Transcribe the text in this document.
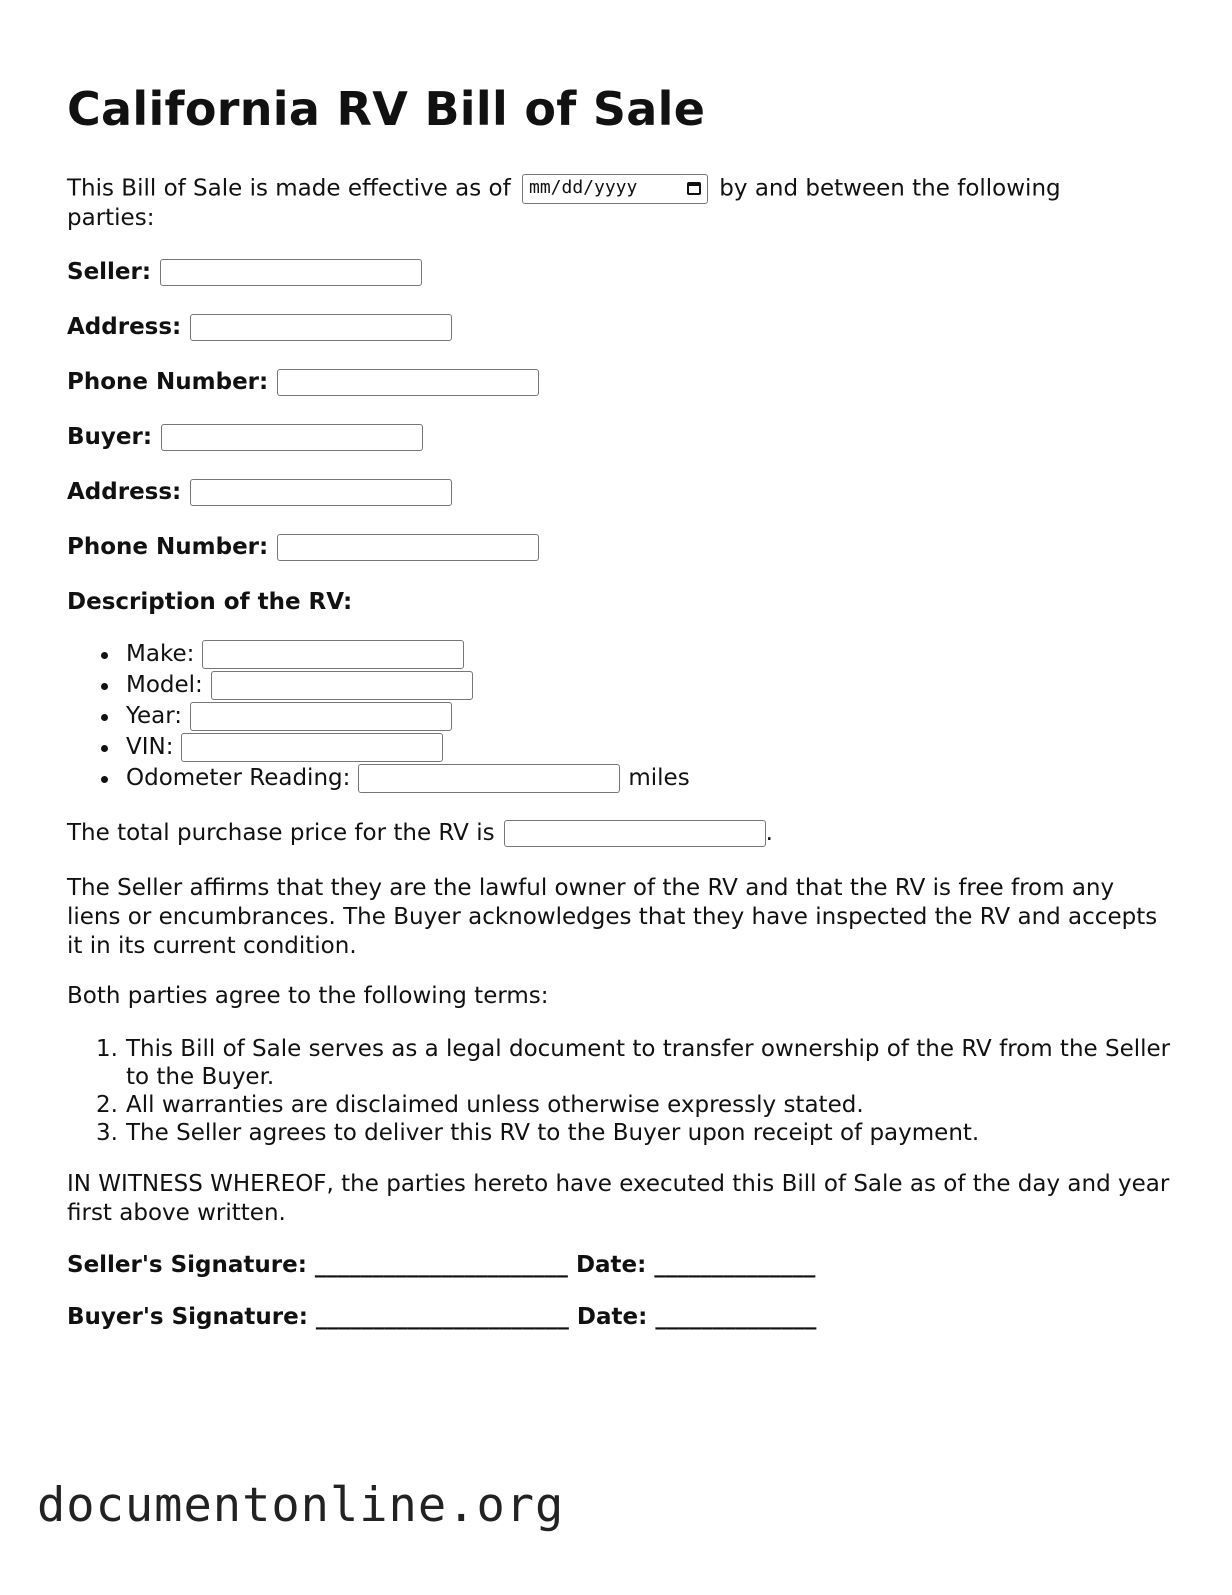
California RV Bill of Sale
This Bill of Sale is made effective as of mm/dd/yyyy	by and between the following
parties:
Seller:
Address:
Phone Number:
Buyer:
Address:
Phone Number:
Description of the RV:
Make:
Model:
Year:
VIN:
Odometer Reading:	miles
The total purchase price for the RV is	.
The Seller affirms that they are the lawful owner of the RV and that the RV is free from any liens or encumbrances. The Buyer acknowledges that they have inspected the RV and accepts it in its current condition.
Both parties agree to the following terms:
1. This Bill of Sale serves as a legal document to transfer ownership of the RV from the Seller to the Buyer.
2. All warranties are disclaimed unless otherwise expressly stated.
3. The Seller agrees to deliver this RV to the Buyer upon receipt of payment.
IN WITNESS WHEREOF, the parties hereto have executed this Bill of Sale as of the day and year first above written.
Seller's Signature: ______________________ Date: ______________
Buyer's Signature: ______________________ Date: ______________
documentonline.org
